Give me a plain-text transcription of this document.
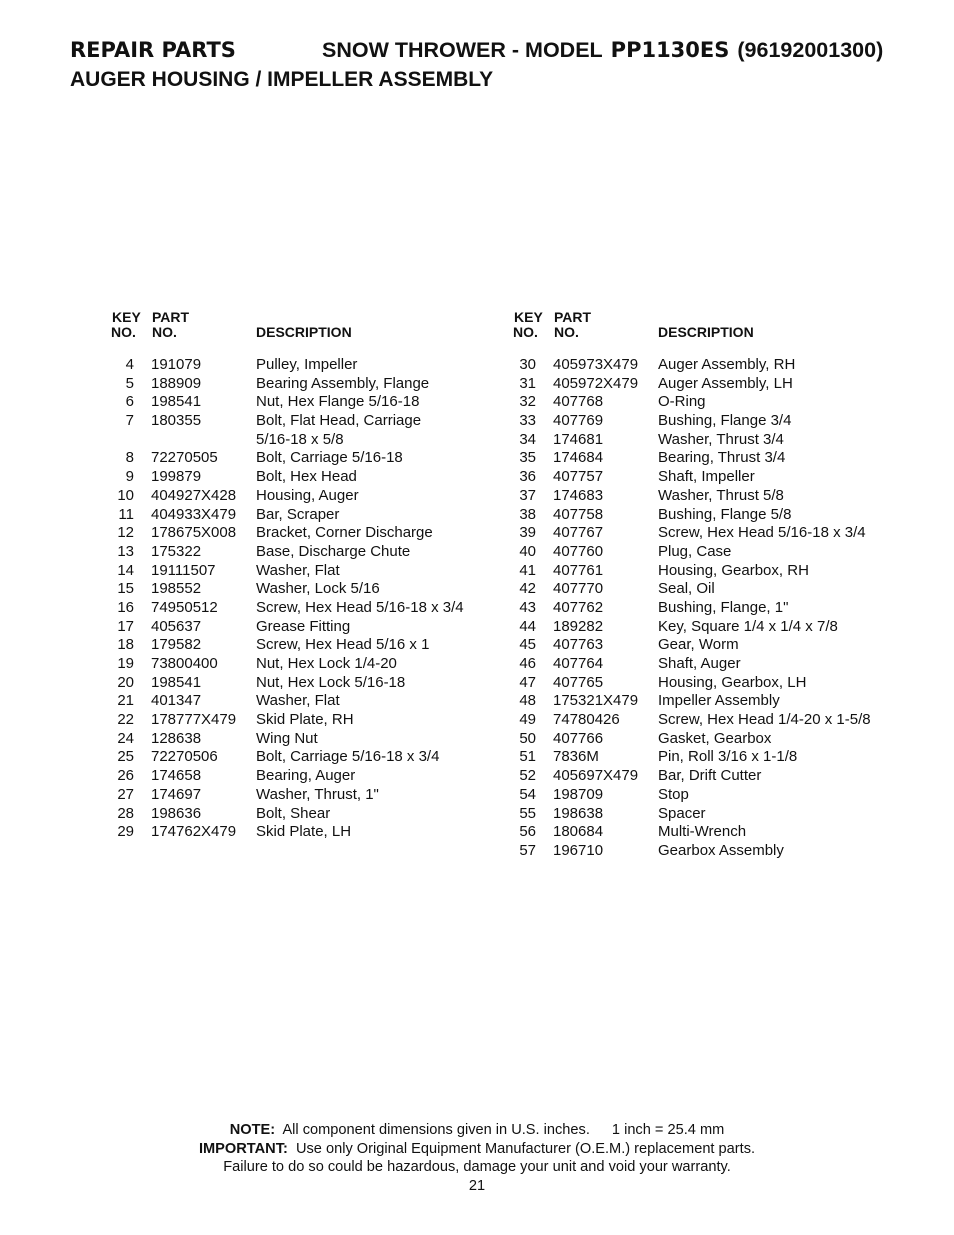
REPAIR PARTS	SNOW THROWER - MODEL PP1130ES (96192001300)
AUGER HOUSING / IMPELLER ASSEMBLY
KEY
NO.
PART
NO.	DESCRIPTION
4 191079	Pulley, Impeller
5 188909	Bearing Assembly, Flange
6 198541	Nut, Hex Flange 5/16-18
7 180355	Bolt, Flat Head, Carriage
5/16-18 x 5/8
8 72270505	Bolt, Carriage 5/16-18
9 199879	Bolt, Hex Head
10 404927X428 Housing, Auger
11 404933X479 Bar, Scraper
12 178675X008 Bracket, Corner Discharge
13 175322	Base, Discharge Chute
14 19111507	Washer, Flat
15 198552	Washer, Lock 5/16
16 74950512	Screw, Hex Head 5/16-18 x 3/4
17 405637	Grease Fitting
18 179582	Screw, Hex Head 5/16 x 1
19 73800400	Nut, Hex Lock 1/4-20
20 198541	Nut, Hex Lock 5/16-18
21 401347	Washer, Flat
22 178777X479 Skid Plate, RH
24 128638	Wing Nut
25 72270506	Bolt, Carriage 5/16-18 x 3/4
26 174658	Bearing, Auger
27 174697	Washer, Thrust, 1"
28 198636	Bolt, Shear
29 174762X479 Skid Plate, LH
KEY
NO.
PART
NO.	DESCRIPTION
30 405973X479 Auger Assembly, RH
31 405972X479 Auger Assembly, LH
32 407768	O-Ring
33 407769	Bushing, Flange 3/4
34 174681	Washer, Thrust 3/4
35 174684	Bearing, Thrust 3/4
36 407757	Shaft, Impeller
37 174683	Washer, Thrust 5/8
38 407758	Bushing, Flange 5/8
39 407767	Screw, Hex Head 5/16-18 x 3/4
40 407760	Plug, Case
41 407761	Housing, Gearbox, RH
42 407770	Seal, Oil
43 407762	Bushing, Flange, 1"
44 189282	Key, Square 1/4 x 1/4 x 7/8
45 407763	Gear, Worm
46 407764	Shaft, Auger
47 407765	Housing, Gearbox, LH
48 175321X479 Impeller Assembly
49 74780426	Screw, Hex Head 1/4-20 x 1-5/8
50 407766	Gasket, Gearbox
51 7836M	Pin, Roll 3/16 x 1-1/8
52 405697X479 Bar, Drift Cutter
54 198709	Stop
55 198638	Spacer
56 180684	Multi-Wrench
57 196710	Gearbox Assembly
NOTE: All component dimensions given in U.S. inches. 1 inch = 25.4 mm
IMPORTANT: Use only Original Equipment Manufacturer (O.E.M.) replacement parts.
Failure to do so could be hazardous, damage your unit and void your warranty.
21
